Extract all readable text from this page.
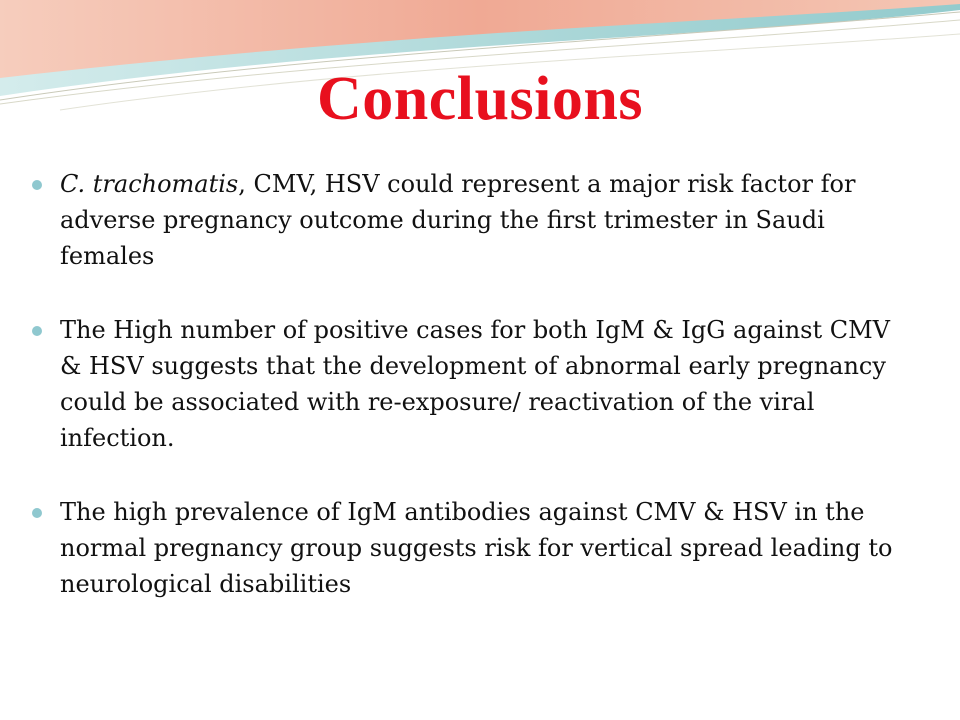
Conclusions
C. trachomatis, CMV, HSV could represent a major risk factor for adverse pregnancy outcome during the first trimester in Saudi females
The High number of positive cases for both IgM & IgG against CMV & HSV suggests that the development of abnormal early pregnancy could be associated with re-exposure/ reactivation of the viral infection.
The high prevalence of IgM antibodies against CMV & HSV in the normal pregnancy group suggests risk for vertical spread leading to neurological disabilities
